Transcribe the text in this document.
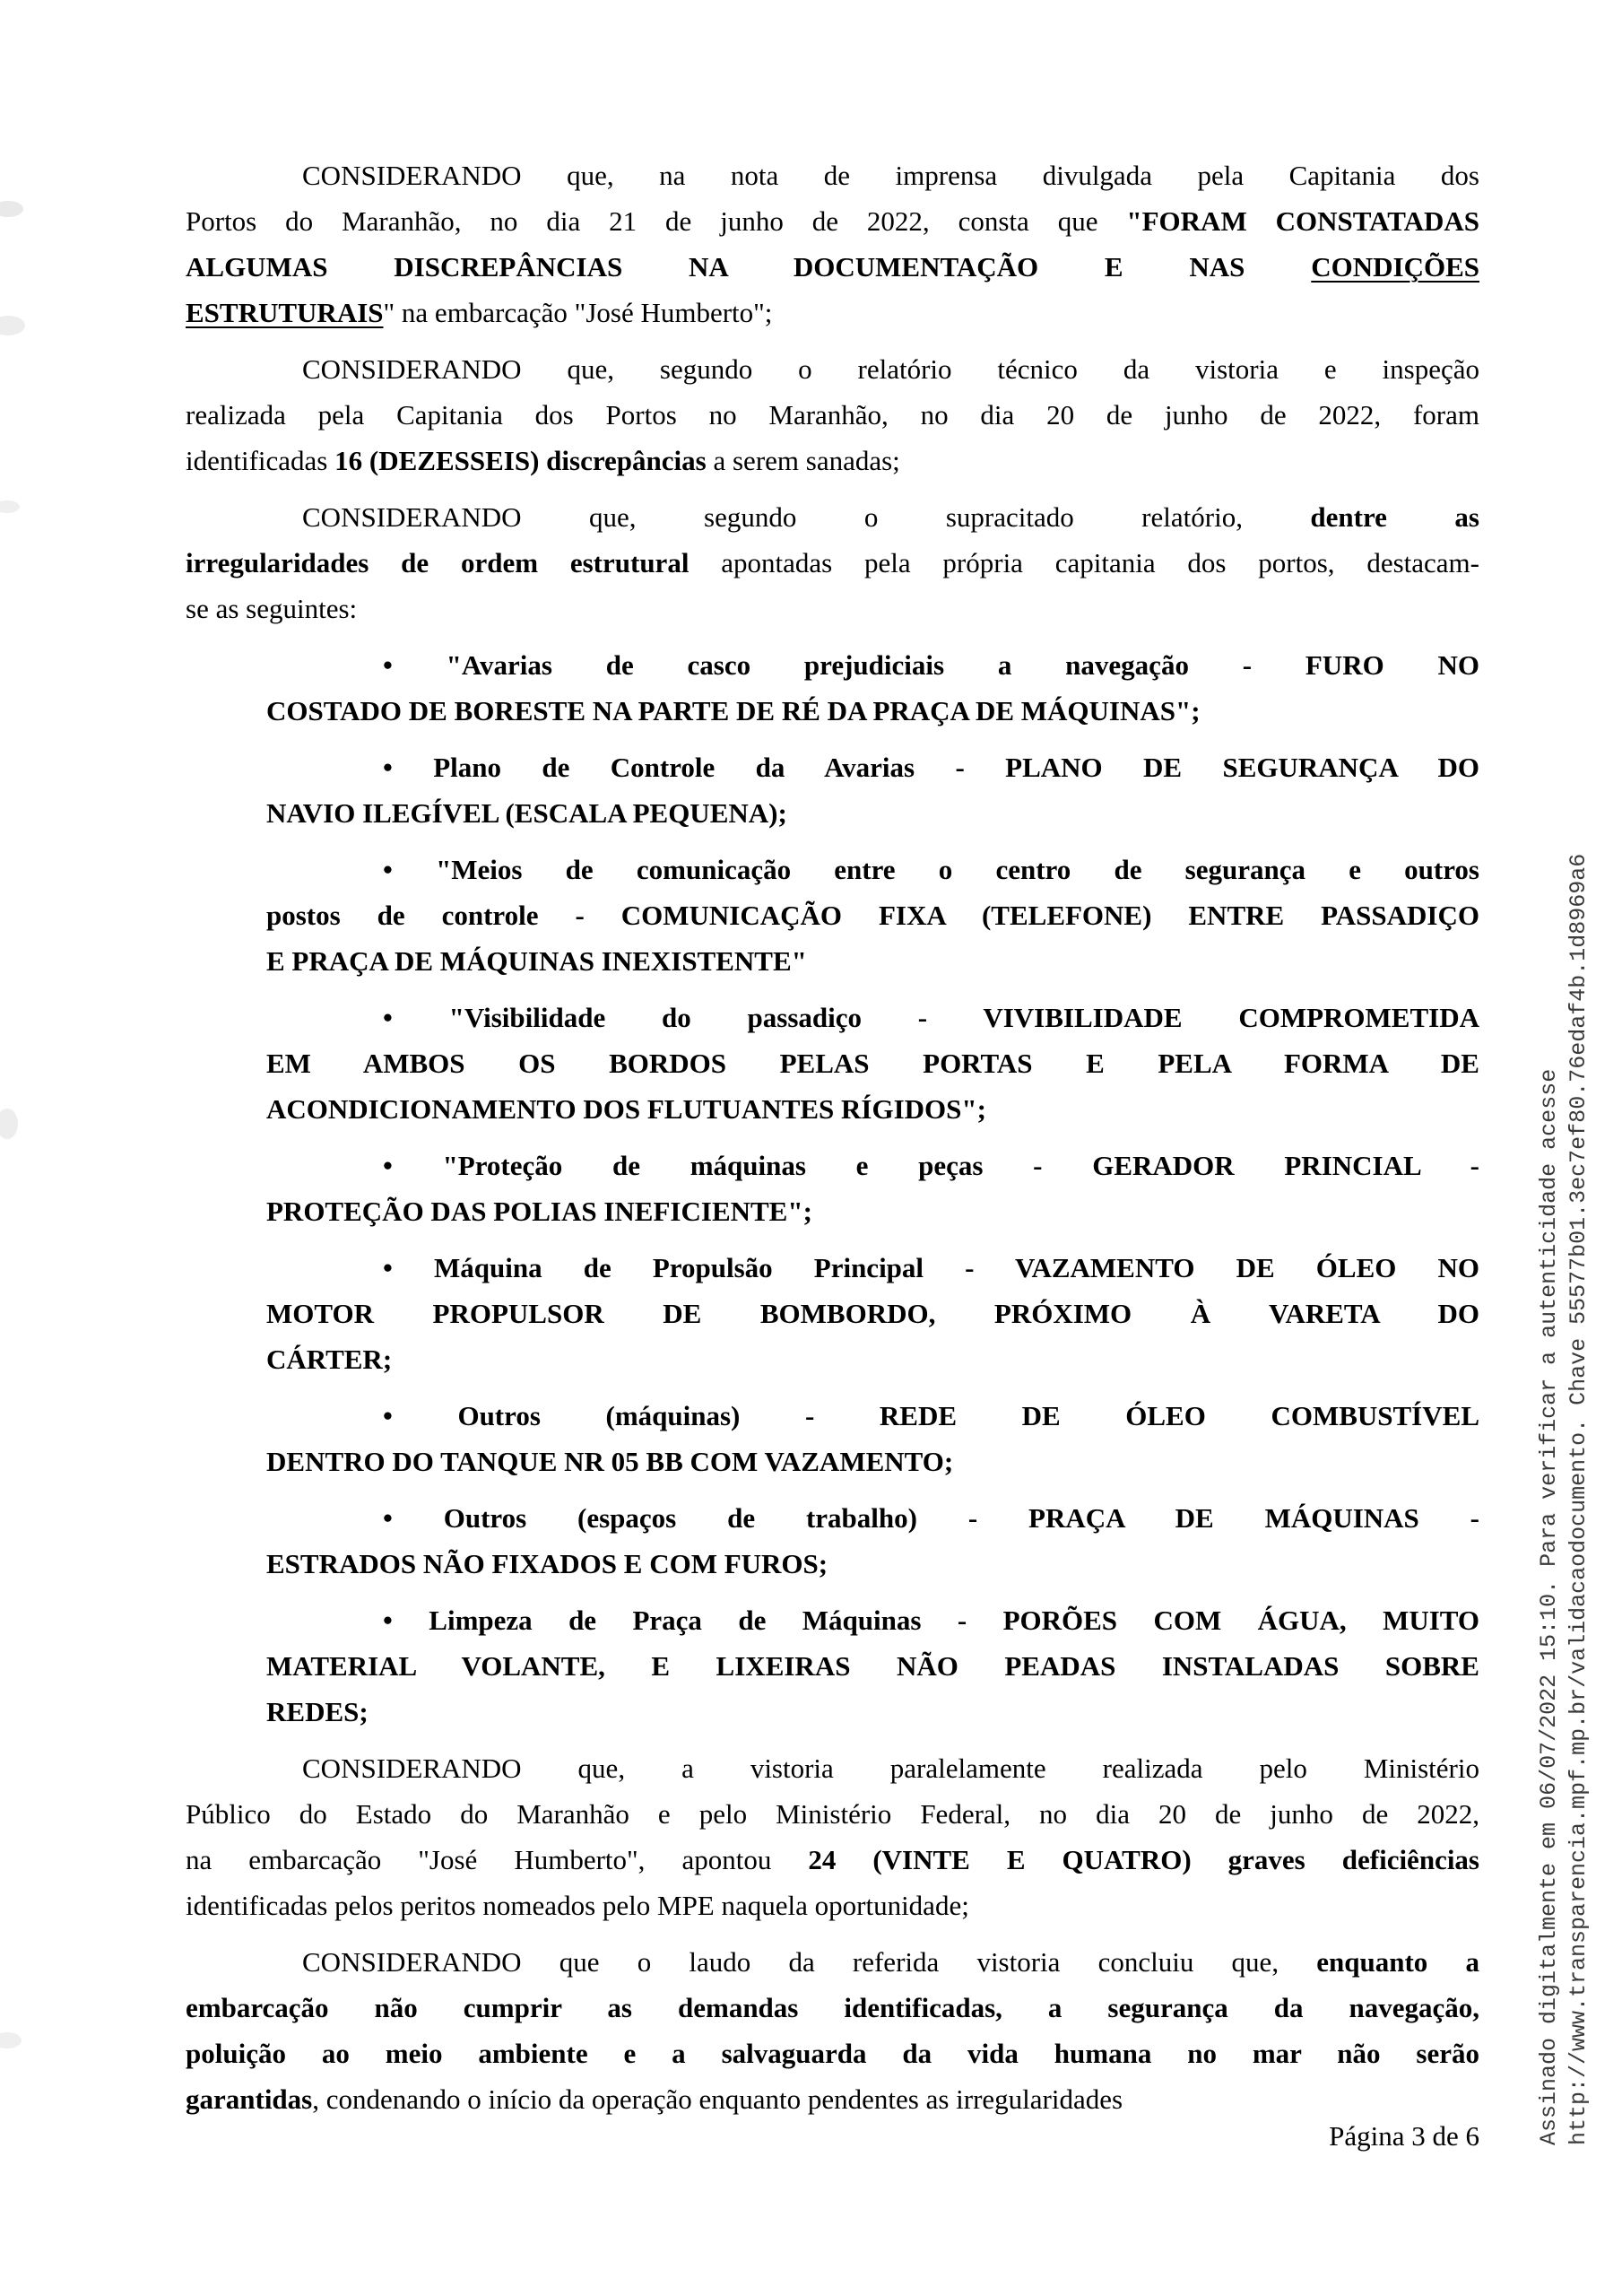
CONSIDERANDO que, na nota de imprensa divulgada pela Capitania dos
Portos do Maranhão, no dia 21 de junho de 2022, consta que "FORAM CONSTATADAS
ALGUMAS DISCREPÂNCIAS NA DOCUMENTAÇÃO E NAS CONDIÇÕES
ESTRUTURAIS" na embarcação "José Humberto";
CONSIDERANDO que, segundo o relatório técnico da vistoria e inspeção
realizada pela Capitania dos Portos no Maranhão, no dia 20 de junho de 2022, foram
identificadas 16 (DEZESSEIS) discrepâncias a serem sanadas;
CONSIDERANDO que, segundo o supracitado relatório, dentre as
irregularidades de ordem estrutural apontadas pela própria capitania dos portos, destacam-
se as seguintes:
• "Avarias de casco prejudiciais a navegação - FURO NO
COSTADO DE BORESTE NA PARTE DE RÉ DA PRAÇA DE MÁQUINAS";
• Plano de Controle da Avarias - PLANO DE SEGURANÇA DO
NAVIO ILEGÍVEL (ESCALA PEQUENA);
• "Meios de comunicação entre o centro de segurança e outros
postos de controle - COMUNICAÇÃO FIXA (TELEFONE) ENTRE PASSADIÇO
E PRAÇA DE MÁQUINAS INEXISTENTE"
• "Visibilidade do passadiço - VIVIBILIDADE COMPROMETIDA
EM AMBOS OS BORDOS PELAS PORTAS E PELA FORMA DE
ACONDICIONAMENTO DOS FLUTUANTES RÍGIDOS";
• "Proteção de máquinas e peças - GERADOR PRINCIAL -
PROTEÇÃO DAS POLIAS INEFICIENTE";
• Máquina de Propulsão Principal - VAZAMENTO DE ÓLEO NO
MOTOR PROPULSOR DE BOMBORDO, PRÓXIMO À VARETA DO
CÁRTER;
• Outros (máquinas) - REDE DE ÓLEO COMBUSTÍVEL
DENTRO DO TANQUE NR 05 BB COM VAZAMENTO;
• Outros (espaços de trabalho) - PRAÇA DE MÁQUINAS -
ESTRADOS NÃO FIXADOS E COM FUROS;
• Limpeza de Praça de Máquinas - PORÕES COM ÁGUA, MUITO
MATERIAL VOLANTE, E LIXEIRAS NÃO PEADAS INSTALADAS SOBRE
REDES;
CONSIDERANDO que, a vistoria paralelamente realizada pelo Ministério
Público do Estado do Maranhão e pelo Ministério Federal, no dia 20 de junho de 2022,
na embarcação "José Humberto", apontou 24 (VINTE E QUATRO) graves deficiências
identificadas pelos peritos nomeados pelo MPE naquela oportunidade;
CONSIDERANDO que o laudo da referida vistoria concluiu que, enquanto a
embarcação não cumprir as demandas identificadas, a segurança da navegação,
poluição ao meio ambiente e a salvaguarda da vida humana no mar não serão
garantidas, condenando o início da operação enquanto pendentes as irregularidades
Página 3 de 6	Assinado digitalmente em 06/07/2022 15:10. Para verificar a autenticidade acesse http://www.transparencia.mpf.mp.br/validacaodocumento. Chave 55577b01.3ec7ef80.76edaf4b.1d8969a6
